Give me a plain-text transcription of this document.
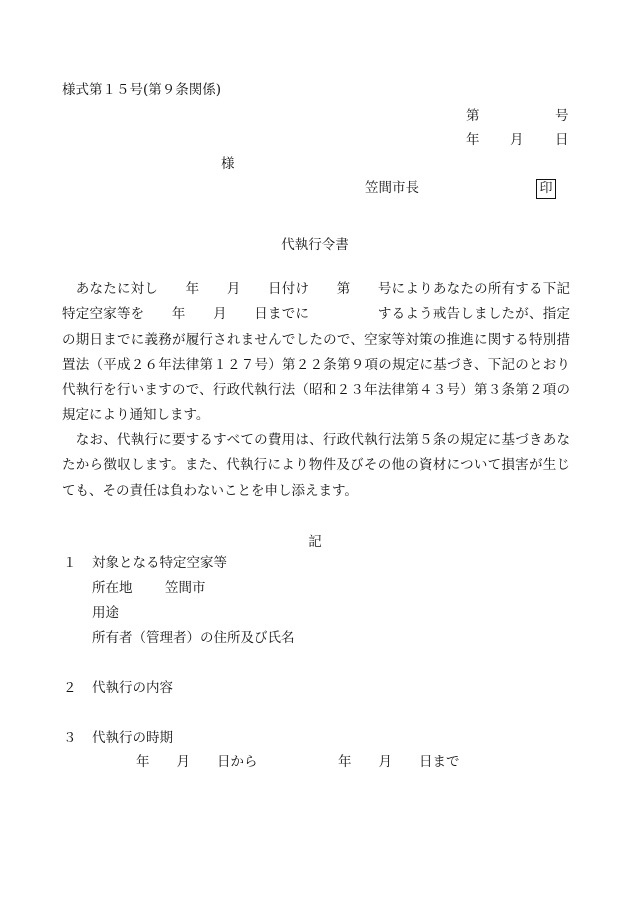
様式第１５号(第９条関係)
第	号
年 月 日
様
笠間市長	印
代執行令書
　あなたに対し　　年　　月　　日付け　　第　　号によりあなたの所有する下記特定空家等を　　年　　月　　日までに　　　　　するよう戒告しましたが、指定の期日までに義務が履行されませんでしたので、空家等対策の推進に関する特別措置法（平成２６年法律第１２７号）第２２条第９項の規定に基づき、下記のとおり代執行を行いますので、行政代執行法（昭和２３年法律第４３号）第３条第２項の規定により通知します。
　なお、代執行に要するすべての費用は、行政代執行法第５条の規定に基づきあなたから徴収します。また、代執行により物件及びその他の資材について損害が生じても、その責任は負わないことを申し添えます。
記
１ 対象となる特定空家等
所在地 笠間市
用途
所有者（管理者）の住所及び氏名
２ 代執行の内容
３ 代執行の時期
年　　月　　日から	年　　月　　日まで
